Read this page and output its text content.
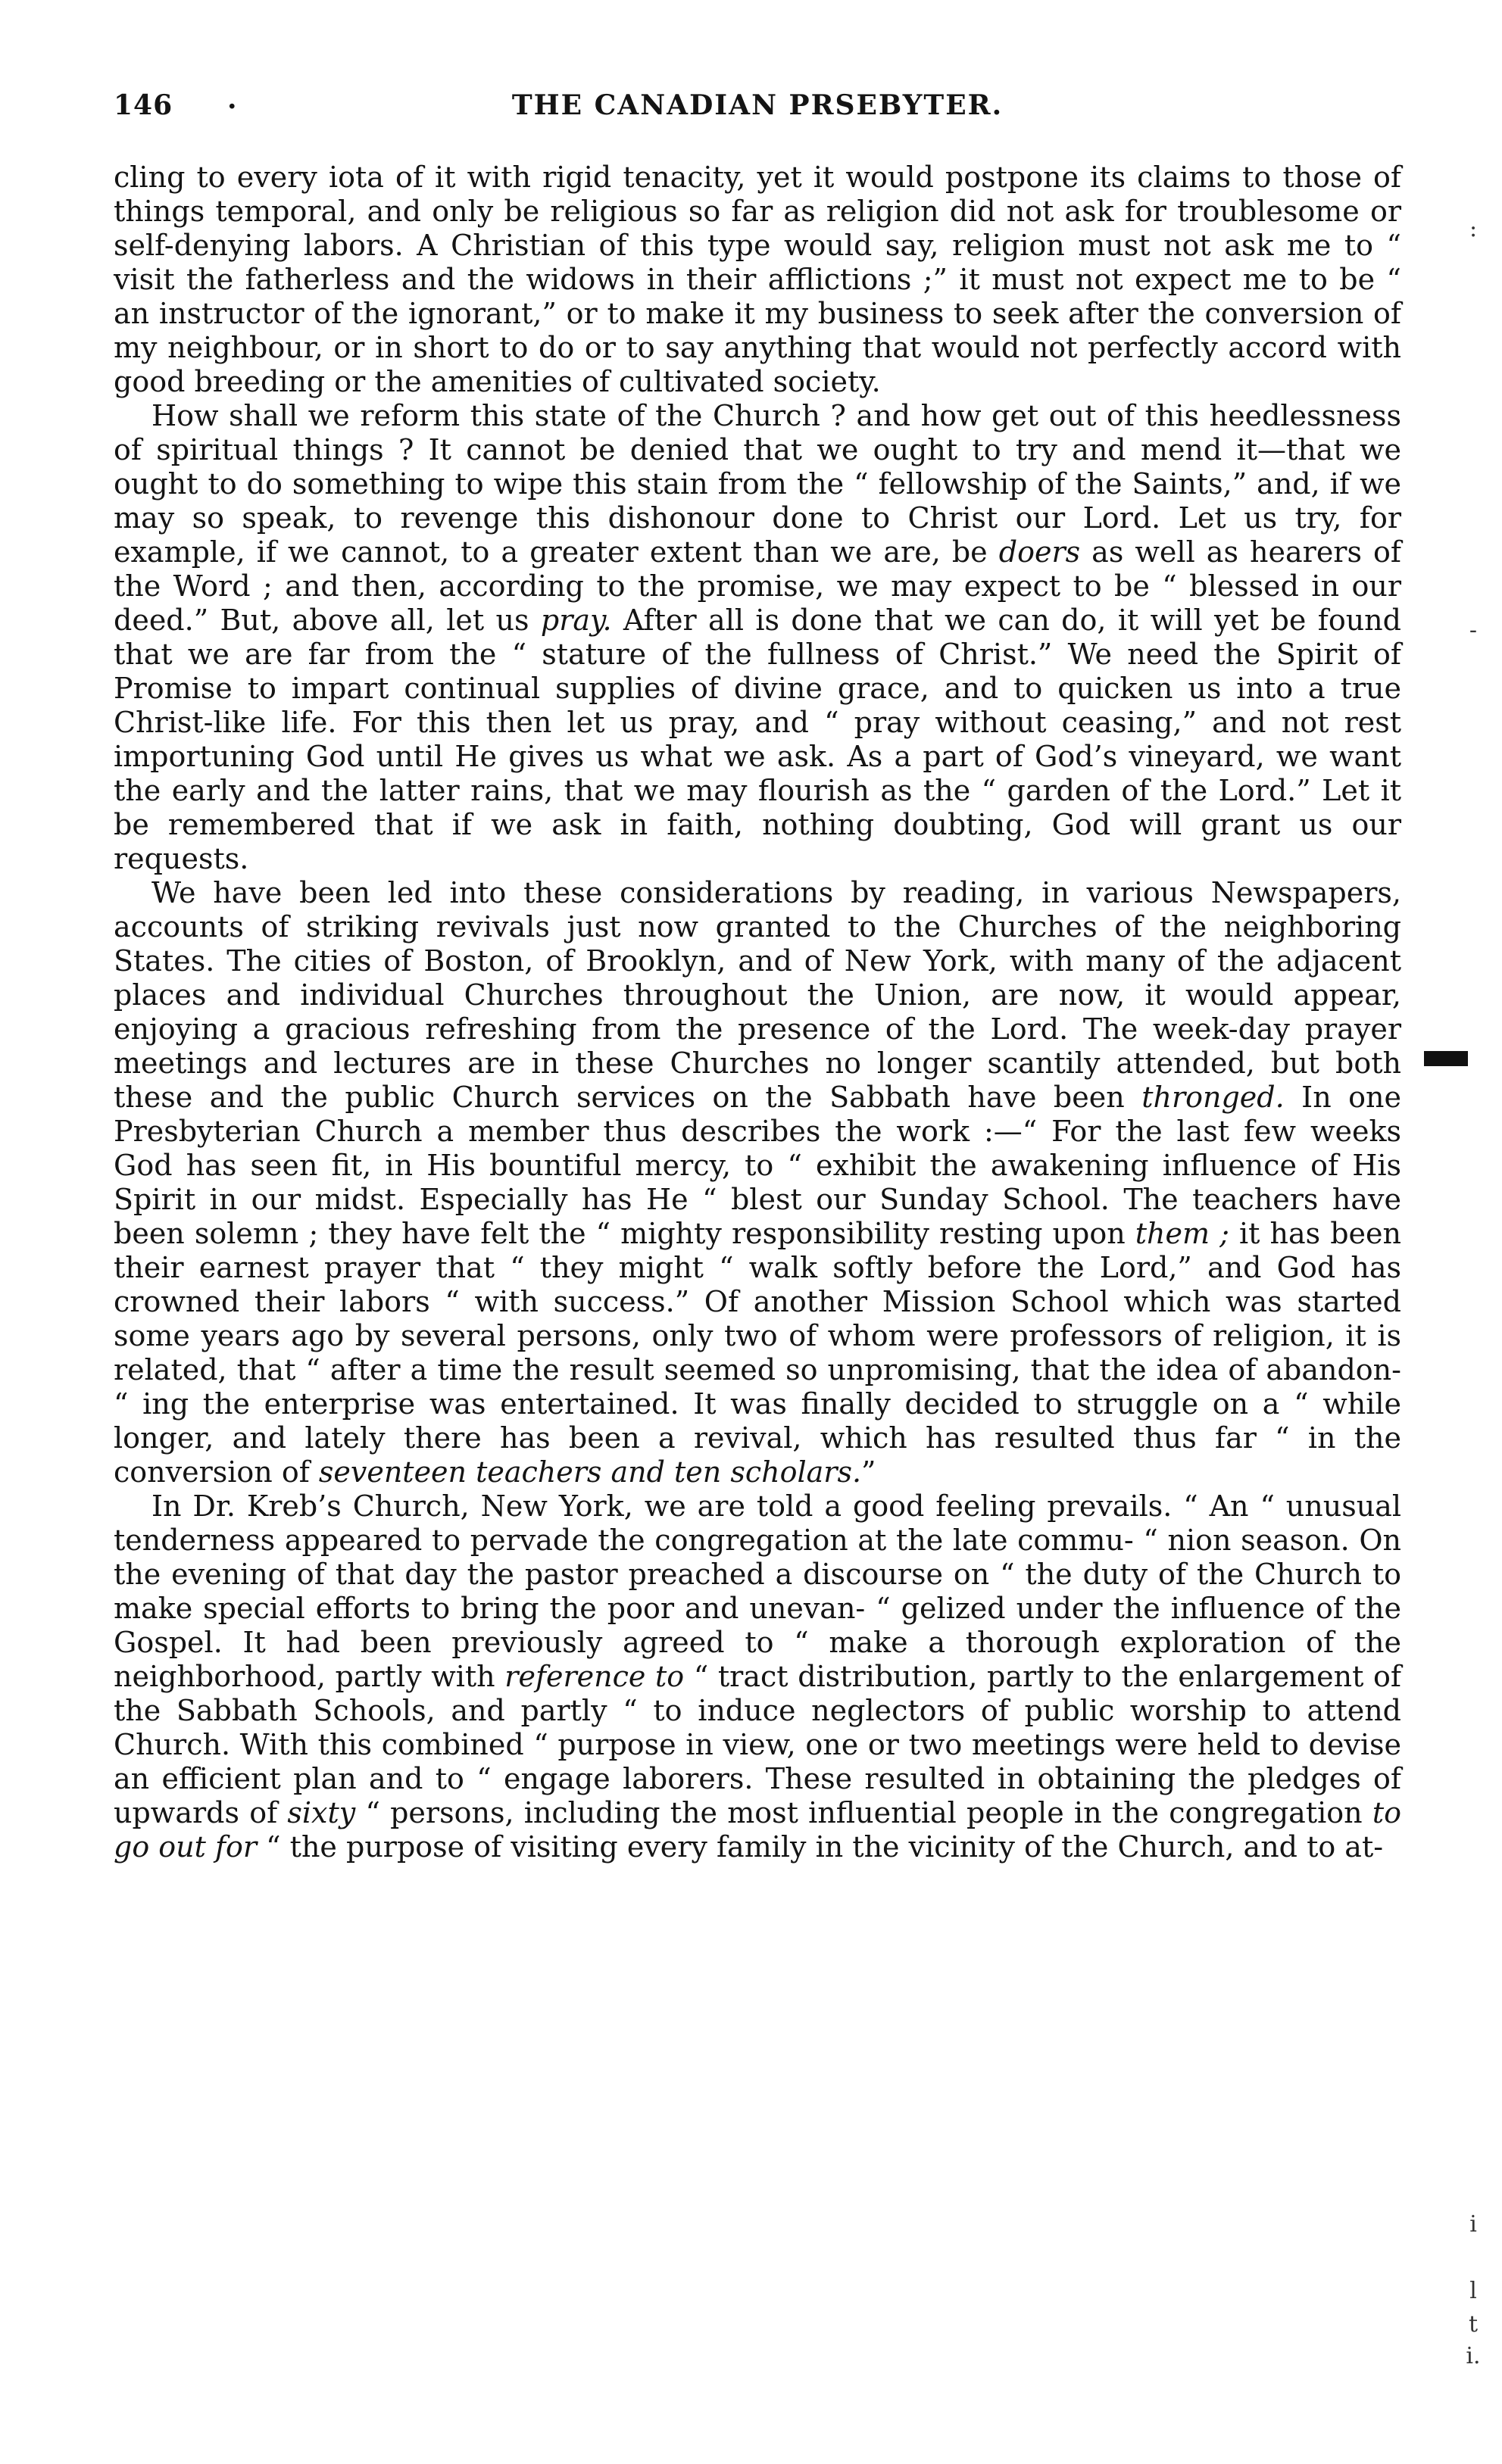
146 ·	THE CANADIAN PRSEBYTER.

cling to every iota of it with rigid tenacity, yet it would postpone its claims to those of things temporal, and only be religious so far as religion did not ask for troublesome or self-denying labors. A Christian of this type would say, religion must not ask me to “ visit the fatherless and the widows in their afflictions ;” it must not expect me to be “ an instructor of the ignorant,” or to make it my business to seek after the conversion of my neighbour, or in short to do or to say anything that would not perfectly accord with good breeding or the amenities of cultivated society.

How shall we reform this state of the Church ? and how get out of this heedlessness of spiritual things ? It cannot be denied that we ought to try and mend it—that we ought to do something to wipe this stain from the “ fellowship of the Saints,” and, if we may so speak, to revenge this dishonour done to Christ our Lord. Let us try, for example, if we cannot, to a greater extent than we are, be doers as well as hearers of the Word ; and then, according to the promise, we may expect to be “ blessed in our deed.” But, above all, let us pray. After all is done that we can do, it will yet be found that we are far from the “ stature of the fullness of Christ.” We need the Spirit of Promise to impart continual supplies of divine grace, and to quicken us into a true Christ-like life. For this then let us pray, and “ pray without ceasing,” and not rest importuning God until He gives us what we ask. As a part of God’s vineyard, we want the early and the latter rains, that we may flourish as the “ garden of the Lord.” Let it be remembered that if we ask in faith, nothing doubting, God will grant us our requests.

We have been led into these considerations by reading, in various Newspapers, accounts of striking revivals just now granted to the Churches of the neighboring States. The cities of Boston, of Brooklyn, and of New York, with many of the adjacent places and individual Churches throughout the Union, are now, it would appear, enjoying a gracious refreshing from the presence of the Lord. The week-day prayer meetings and lectures are in these Churches no longer scantily attended, but both these and the public Church services on the Sabbath have been thronged. In one Presbyterian Church a member thus describes the work :—“ For the last few weeks God has seen fit, in His bountiful mercy, to “ exhibit the awakening influence of His Spirit in our midst. Especially has He “ blest our Sunday School. The teachers have been solemn ; they have felt the “ mighty responsibility resting upon them ; it has been their earnest prayer that “ they might “ walk softly before the Lord,” and God has crowned their labors “ with success.” Of another Mission School which was started some years ago by several persons, only two of whom were professors of religion, it is related, that “ after a time the result seemed so unpromising, that the idea of abandon- “ ing the enterprise was entertained. It was finally decided to struggle on a “ while longer, and lately there has been a revival, which has resulted thus far “ in the conversion of seventeen teachers and ten scholars.”

In Dr. Kreb’s Church, New York, we are told a good feeling prevails. “ An “ unusual tenderness appeared to pervade the congregation at the late commu- “ nion season. On the evening of that day the pastor preached a discourse on “ the duty of the Church to make special efforts to bring the poor and unevan- “ gelized under the influence of the Gospel. It had been previously agreed to “ make a thorough exploration of the neighborhood, partly with reference to “ tract distribution, partly to the enlargement of the Sabbath Schools, and partly “ to induce neglectors of public worship to attend Church. With this combined “ purpose in view, one or two meetings were held to devise an efficient plan and to “ engage laborers. These resulted in obtaining the pledges of upwards of sixty “ persons, including the most influential people in the congregation to go out for “ the purpose of visiting every family in the vicinity of the Church, and to at-

:
-
i
l
t
i.
